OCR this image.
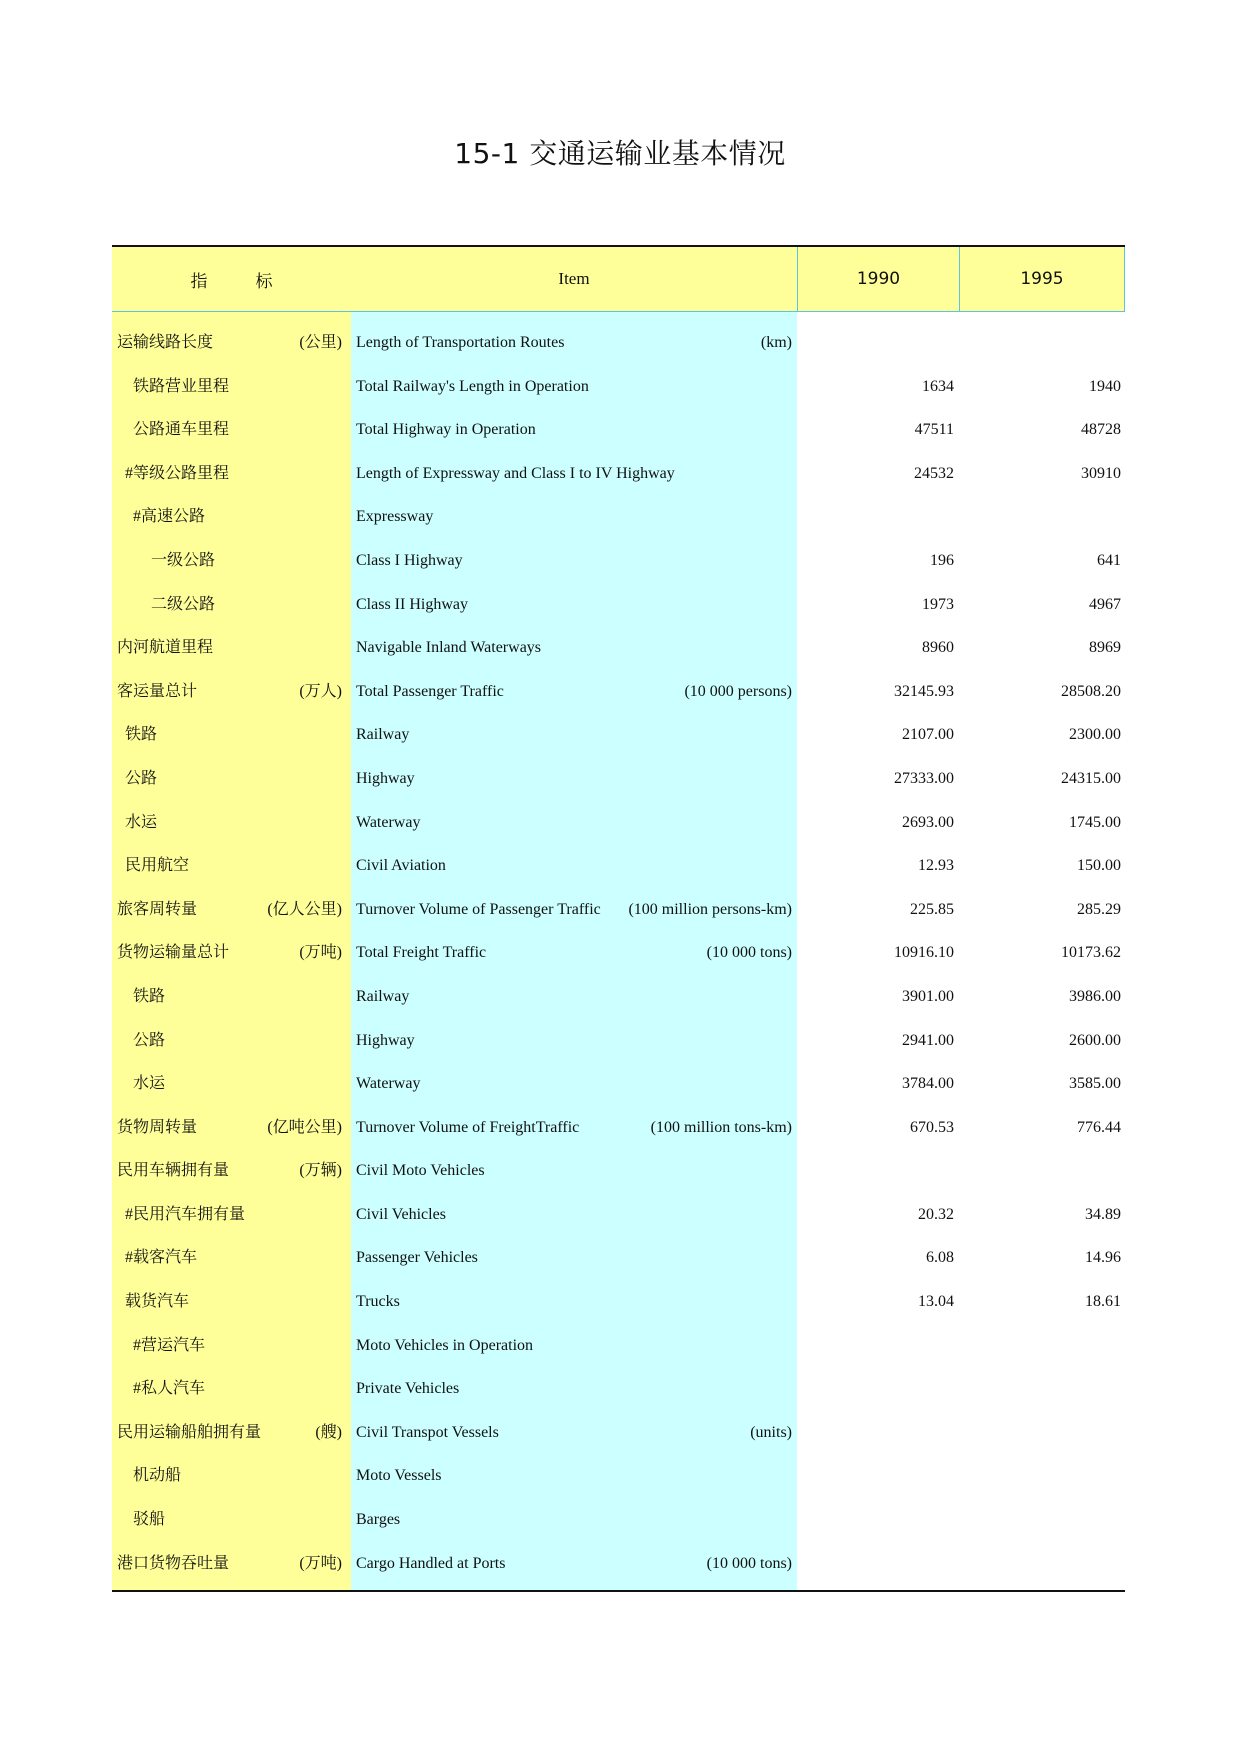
15-1 交通运输业基本情况
指	标	Item	1990	1995
运输线路长度	(公里) Length of Transportation Routes	(km)
铁路营业里程	Total Railway's Length in Operation	1634	1940
公路通车里程	Total Highway in Operation	47511	48728
#等级公路里程	Length of Expressway and Class I to IV Highway	24532	30910
#高速公路	Expressway
一级公路	Class I Highway	196	641
二级公路	Class II Highway	1973	4967
内河航道里程	Navigable Inland Waterways	8960	8969
客运量总计	(万人) Total Passenger Traffic	(10 000 persons)	32145.93	28508.20
铁路	Railway	2107.00	2300.00
公路	Highway	27333.00	24315.00
水运	Waterway	2693.00	1745.00
民用航空	Civil Aviation	12.93	150.00
旅客周转量	(亿人公里) Turnover Volume of Passenger Traffic	(100 million persons-km)	225.85	285.29
货物运输量总计	(万吨) Total Freight Traffic	(10 000 tons)	10916.10	10173.62
铁路	Railway	3901.00	3986.00
公路	Highway	2941.00	2600.00
水运	Waterway	3784.00	3585.00
货物周转量	(亿吨公里) Turnover Volume of FreightTraffic	(100 million tons-km)	670.53	776.44
民用车辆拥有量	(万辆) Civil Moto Vehicles
#民用汽车拥有量	Civil Vehicles	20.32	34.89
#载客汽车	Passenger Vehicles	6.08	14.96
载货汽车	Trucks	13.04	18.61
#营运汽车	Moto Vehicles in Operation
#私人汽车	Private Vehicles
民用运输船舶拥有量	(艘) Civil Transpot Vessels	(units)
机动船	Moto Vessels
驳船	Barges
港口货物吞吐量	(万吨) Cargo Handled at Ports	(10 000 tons)
